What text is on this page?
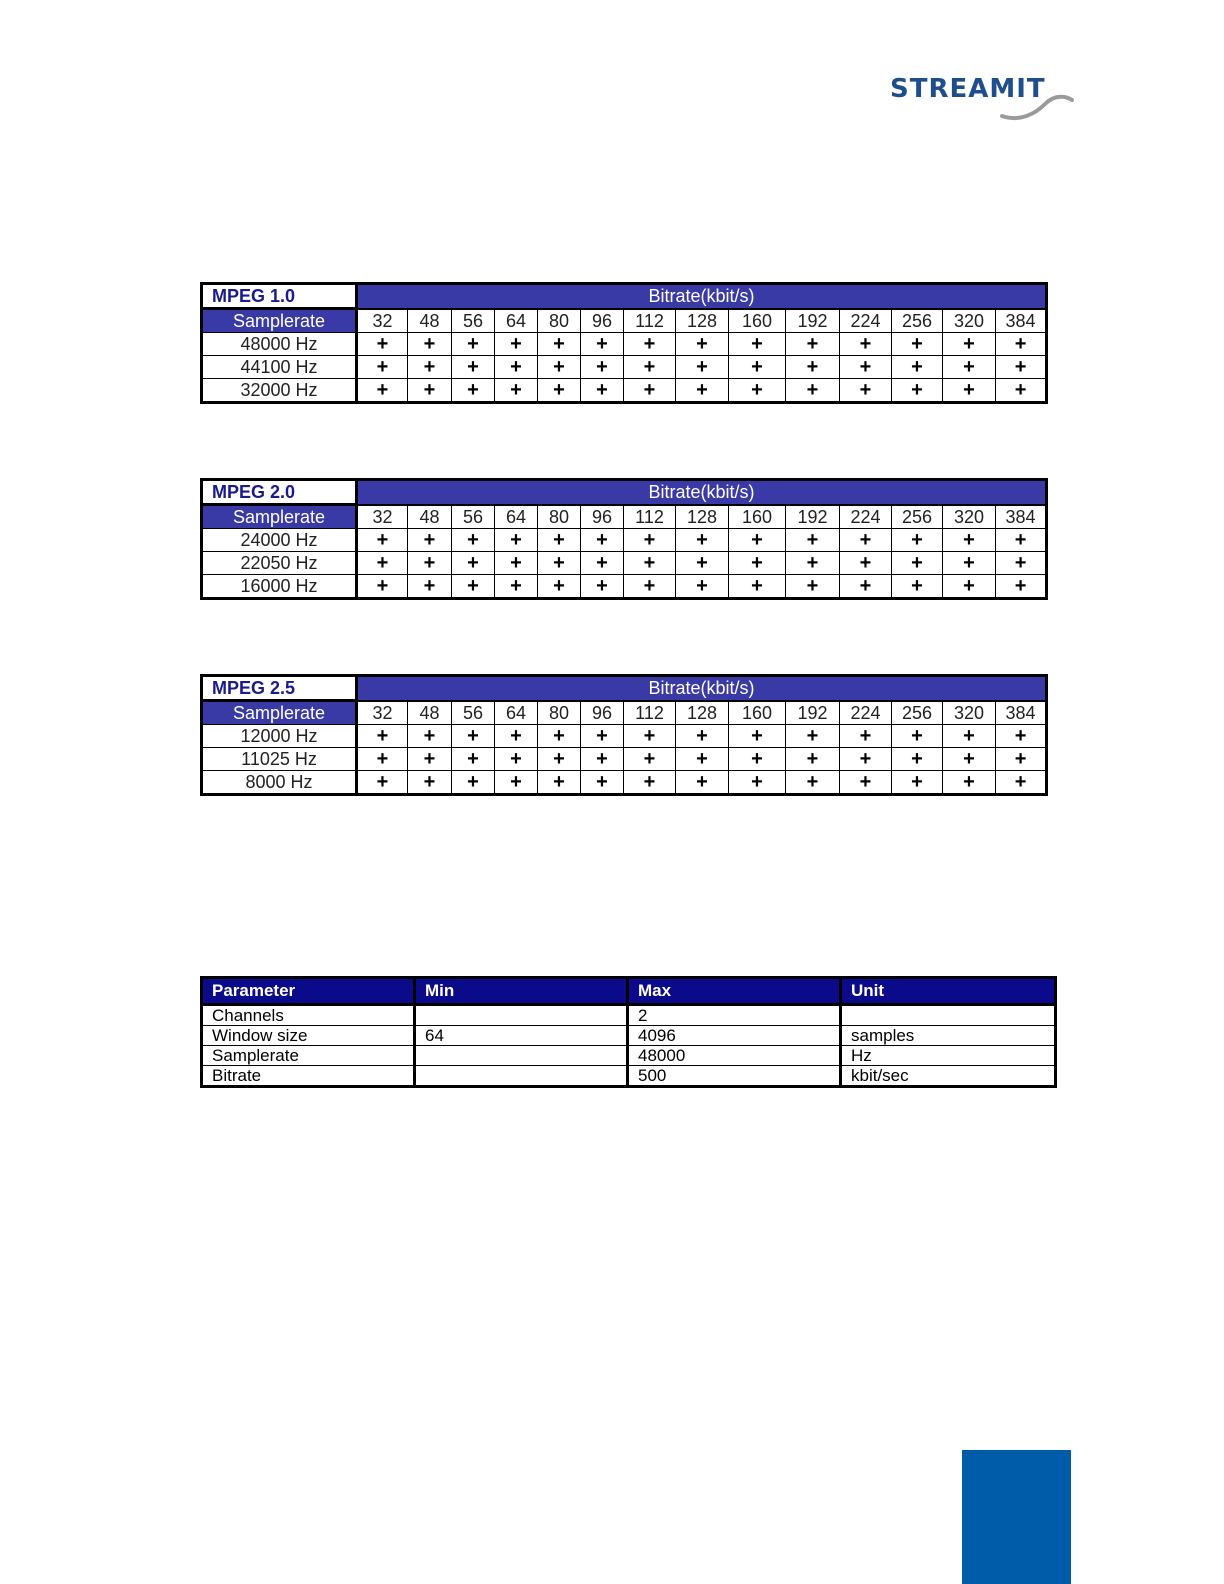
STREAMIT
MPEG 1.0	Bitrate(kbit/s)													
Samplerate	32	48	56	64	80	96	112	128	160	192	224	256	320	384
48000 Hz	+	+	+	+	+	+	+	+	+	+	+	+	+	+
44100 Hz	+	+	+	+	+	+	+	+	+	+	+	+	+	+
32000 Hz	+	+	+	+	+	+	+	+	+	+	+	+	+	+
MPEG 2.0	Bitrate(kbit/s)													
Samplerate	32	48	56	64	80	96	112	128	160	192	224	256	320	384
24000 Hz	+	+	+	+	+	+	+	+	+	+	+	+	+	+
22050 Hz	+	+	+	+	+	+	+	+	+	+	+	+	+	+
16000 Hz	+	+	+	+	+	+	+	+	+	+	+	+	+	+
MPEG 2.5	Bitrate(kbit/s)													
Samplerate	32	48	56	64	80	96	112	128	160	192	224	256	320	384
12000 Hz	+	+	+	+	+	+	+	+	+	+	+	+	+	+
11025 Hz	+	+	+	+	+	+	+	+	+	+	+	+	+	+
8000 Hz	+	+	+	+	+	+	+	+	+	+	+	+	+	+
Parameter	Min	Max	Unit
Channels		2	
Window size	64	4096	samples
Samplerate		48000	Hz
Bitrate		500	kbit/sec
